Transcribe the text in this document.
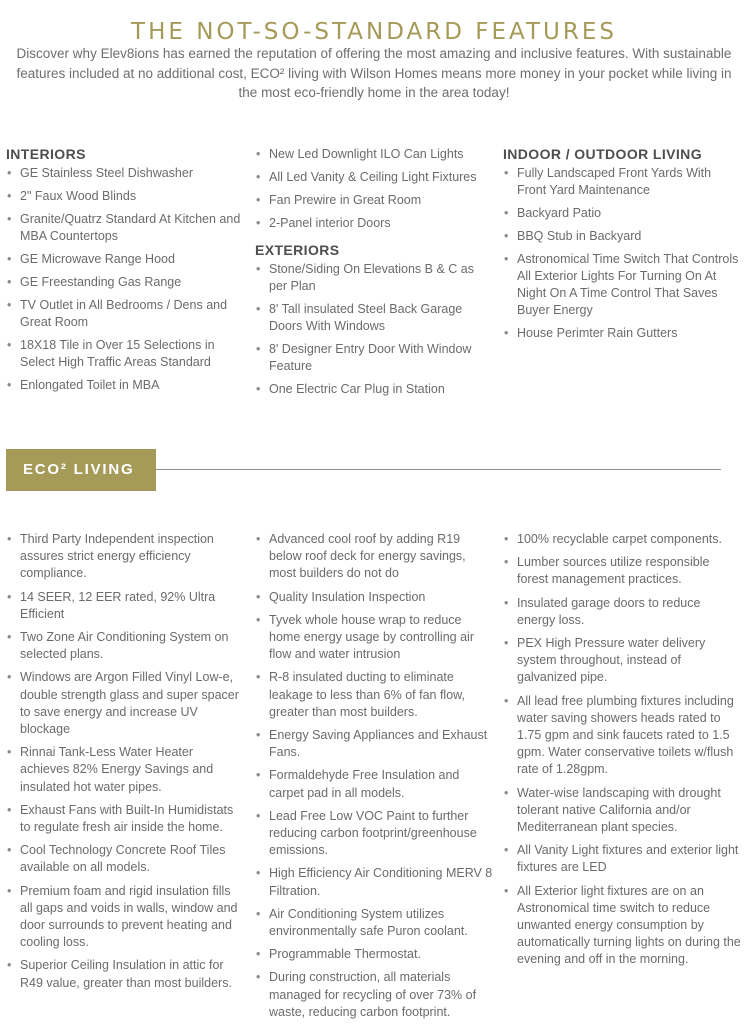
THE NOT-SO-STANDARD FEATURES

Discover why Elev8ions has earned the reputation of offering the most amazing and inclusive features. With sustainable features included at no additional cost, ECO² living with Wilson Homes means more money in your pocket while living in the most eco-friendly home in the area today!

INTERIORS
• GE Stainless Steel Dishwasher
• 2" Faux Wood Blinds
• Granite/Quatrz Standard At Kitchen and MBA Countertops
• GE Microwave Range Hood
• GE Freestanding Gas Range
• TV Outlet in All Bedrooms / Dens and Great Room
• 18X18 Tile in Over 15 Selections in Select High Traffic Areas Standard
• Enlongated Toilet in MBA
• New Led Downlight ILO Can Lights
• All Led Vanity & Ceiling Light Fixtures
• Fan Prewire in Great Room
• 2-Panel interior Doors
EXTERIORS
• Stone/Siding On Elevations B & C as per Plan
• 8' Tall insulated Steel Back Garage Doors With Windows
• 8' Designer Entry Door With Window Feature
• One Electric Car Plug in Station
INDOOR / OUTDOOR LIVING
• Fully Landscaped Front Yards With Front Yard Maintenance
• Backyard Patio
• BBQ Stub in Backyard
• Astronomical Time Switch That Controls All Exterior Lights For Turning On At Night On A Time Control That Saves Buyer Energy
• House Perimter Rain Gutters
ECO² LIVING
• Third Party Independent inspection assures strict energy efficiency compliance.
• 14 SEER, 12 EER rated, 92% Ultra Efficient
• Two Zone Air Conditioning System on selected plans.
• Windows are Argon Filled Vinyl Low-e, double strength glass and super spacer to save energy and increase UV blockage
• Rinnai Tank-Less Water Heater achieves 82% Energy Savings and insulated hot water pipes.
• Exhaust Fans with Built-In Humidistats to regulate fresh air inside the home.
• Cool Technology Concrete Roof Tiles available on all models.
• Premium foam and rigid insulation fills all gaps and voids in walls, window and door surrounds to prevent heating and cooling loss.
• Superior Ceiling Insulation in attic for R49 value, greater than most builders.
• Advanced cool roof by adding R19 below roof deck for energy savings, most builders do not do
• Quality Insulation Inspection
• Tyvek whole house wrap to reduce home energy usage by controlling air flow and water intrusion
• R-8 insulated ducting to eliminate leakage to less than 6% of fan flow, greater than most builders.
• Energy Saving Appliances and Exhaust Fans.
• Formaldehyde Free Insulation and carpet pad in all models.
• Lead Free Low VOC Paint to further reducing carbon footprint/greenhouse emissions.
• High Efficiency Air Conditioning MERV 8 Filtration.
• Air Conditioning System utilizes environmentally safe Puron coolant.
• Programmable Thermostat.
• During construction, all materials managed for recycling of over 73% of waste, reducing carbon footprint.
• 100% recyclable carpet components.
• Lumber sources utilize responsible forest management practices.
• Insulated garage doors to reduce energy loss.
• PEX High Pressure water delivery system throughout, instead of galvanized pipe.
• All lead free plumbing fixtures including water saving showers heads rated to 1.75 gpm and sink faucets rated to 1.5 gpm. Water conservative toilets w/flush rate of 1.28gpm.
• Water-wise landscaping with drought tolerant native California and/or Mediterranean plant species.
• All Vanity Light fixtures and exterior light fixtures are LED
• All Exterior light fixtures are on an Astronomical time switch to reduce unwanted energy consumption by automatically turning lights on during the evening and off in the morning.
